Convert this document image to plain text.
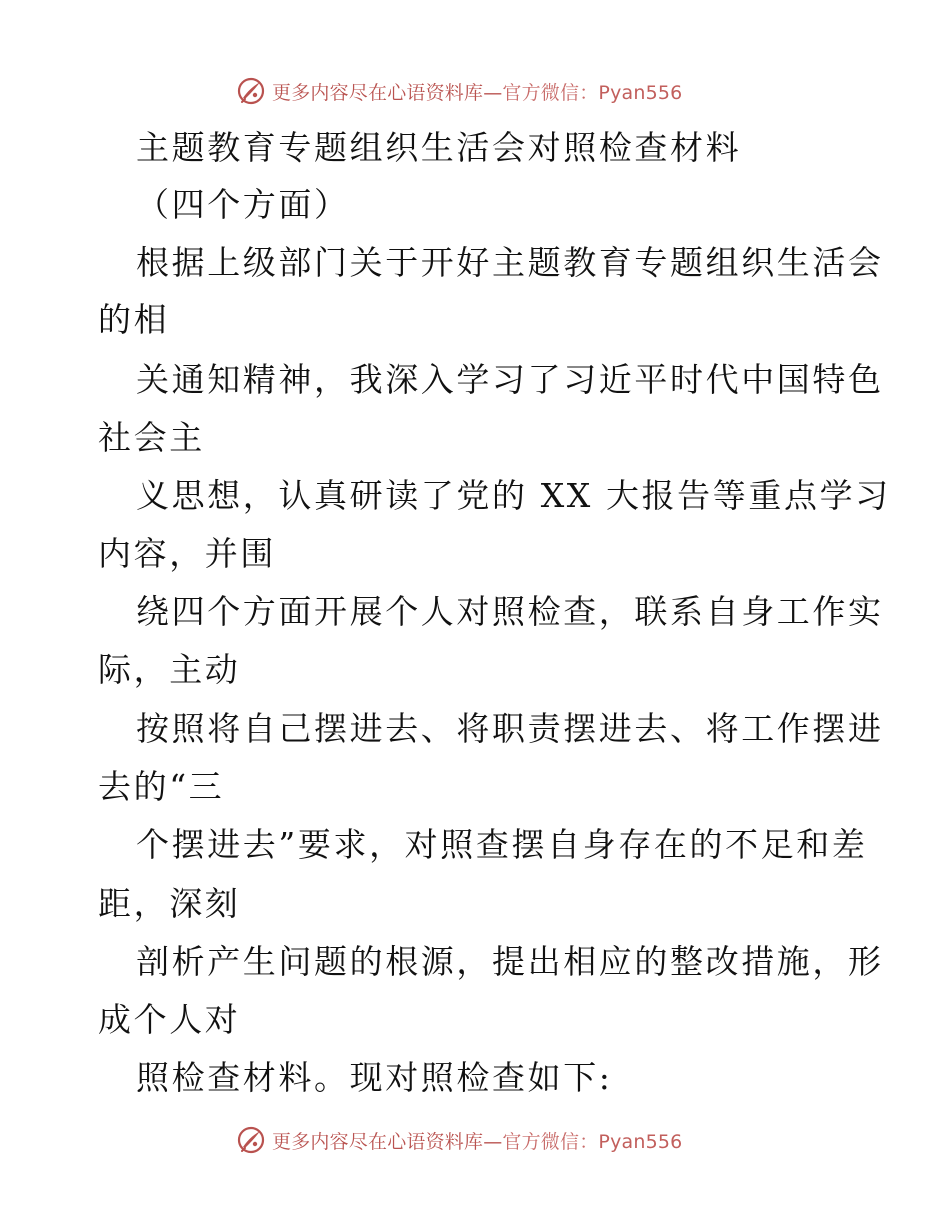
更多内容尽在心语资料库—官方微信：Pyan556
主题教育专题组织生活会对照检查材料
（四个方面）
根据上级部门关于开好主题教育专题组织生活会
的相
关通知精神，我深入学习了习近平时代中国特色
社会主
义思想，认真研读了党的 XX 大报告等重点学习
内容，并围
绕四个方面开展个人对照检查，联系自身工作实
际，主动
按照将自己摆进去、将职责摆进去、将工作摆进
去的“三
个摆进去”要求，对照查摆自身存在的不足和差
距，深刻
剖析产生问题的根源，提出相应的整改措施，形
成个人对
照检查材料。现对照检查如下:
更多内容尽在心语资料库—官方微信：Pyan556
